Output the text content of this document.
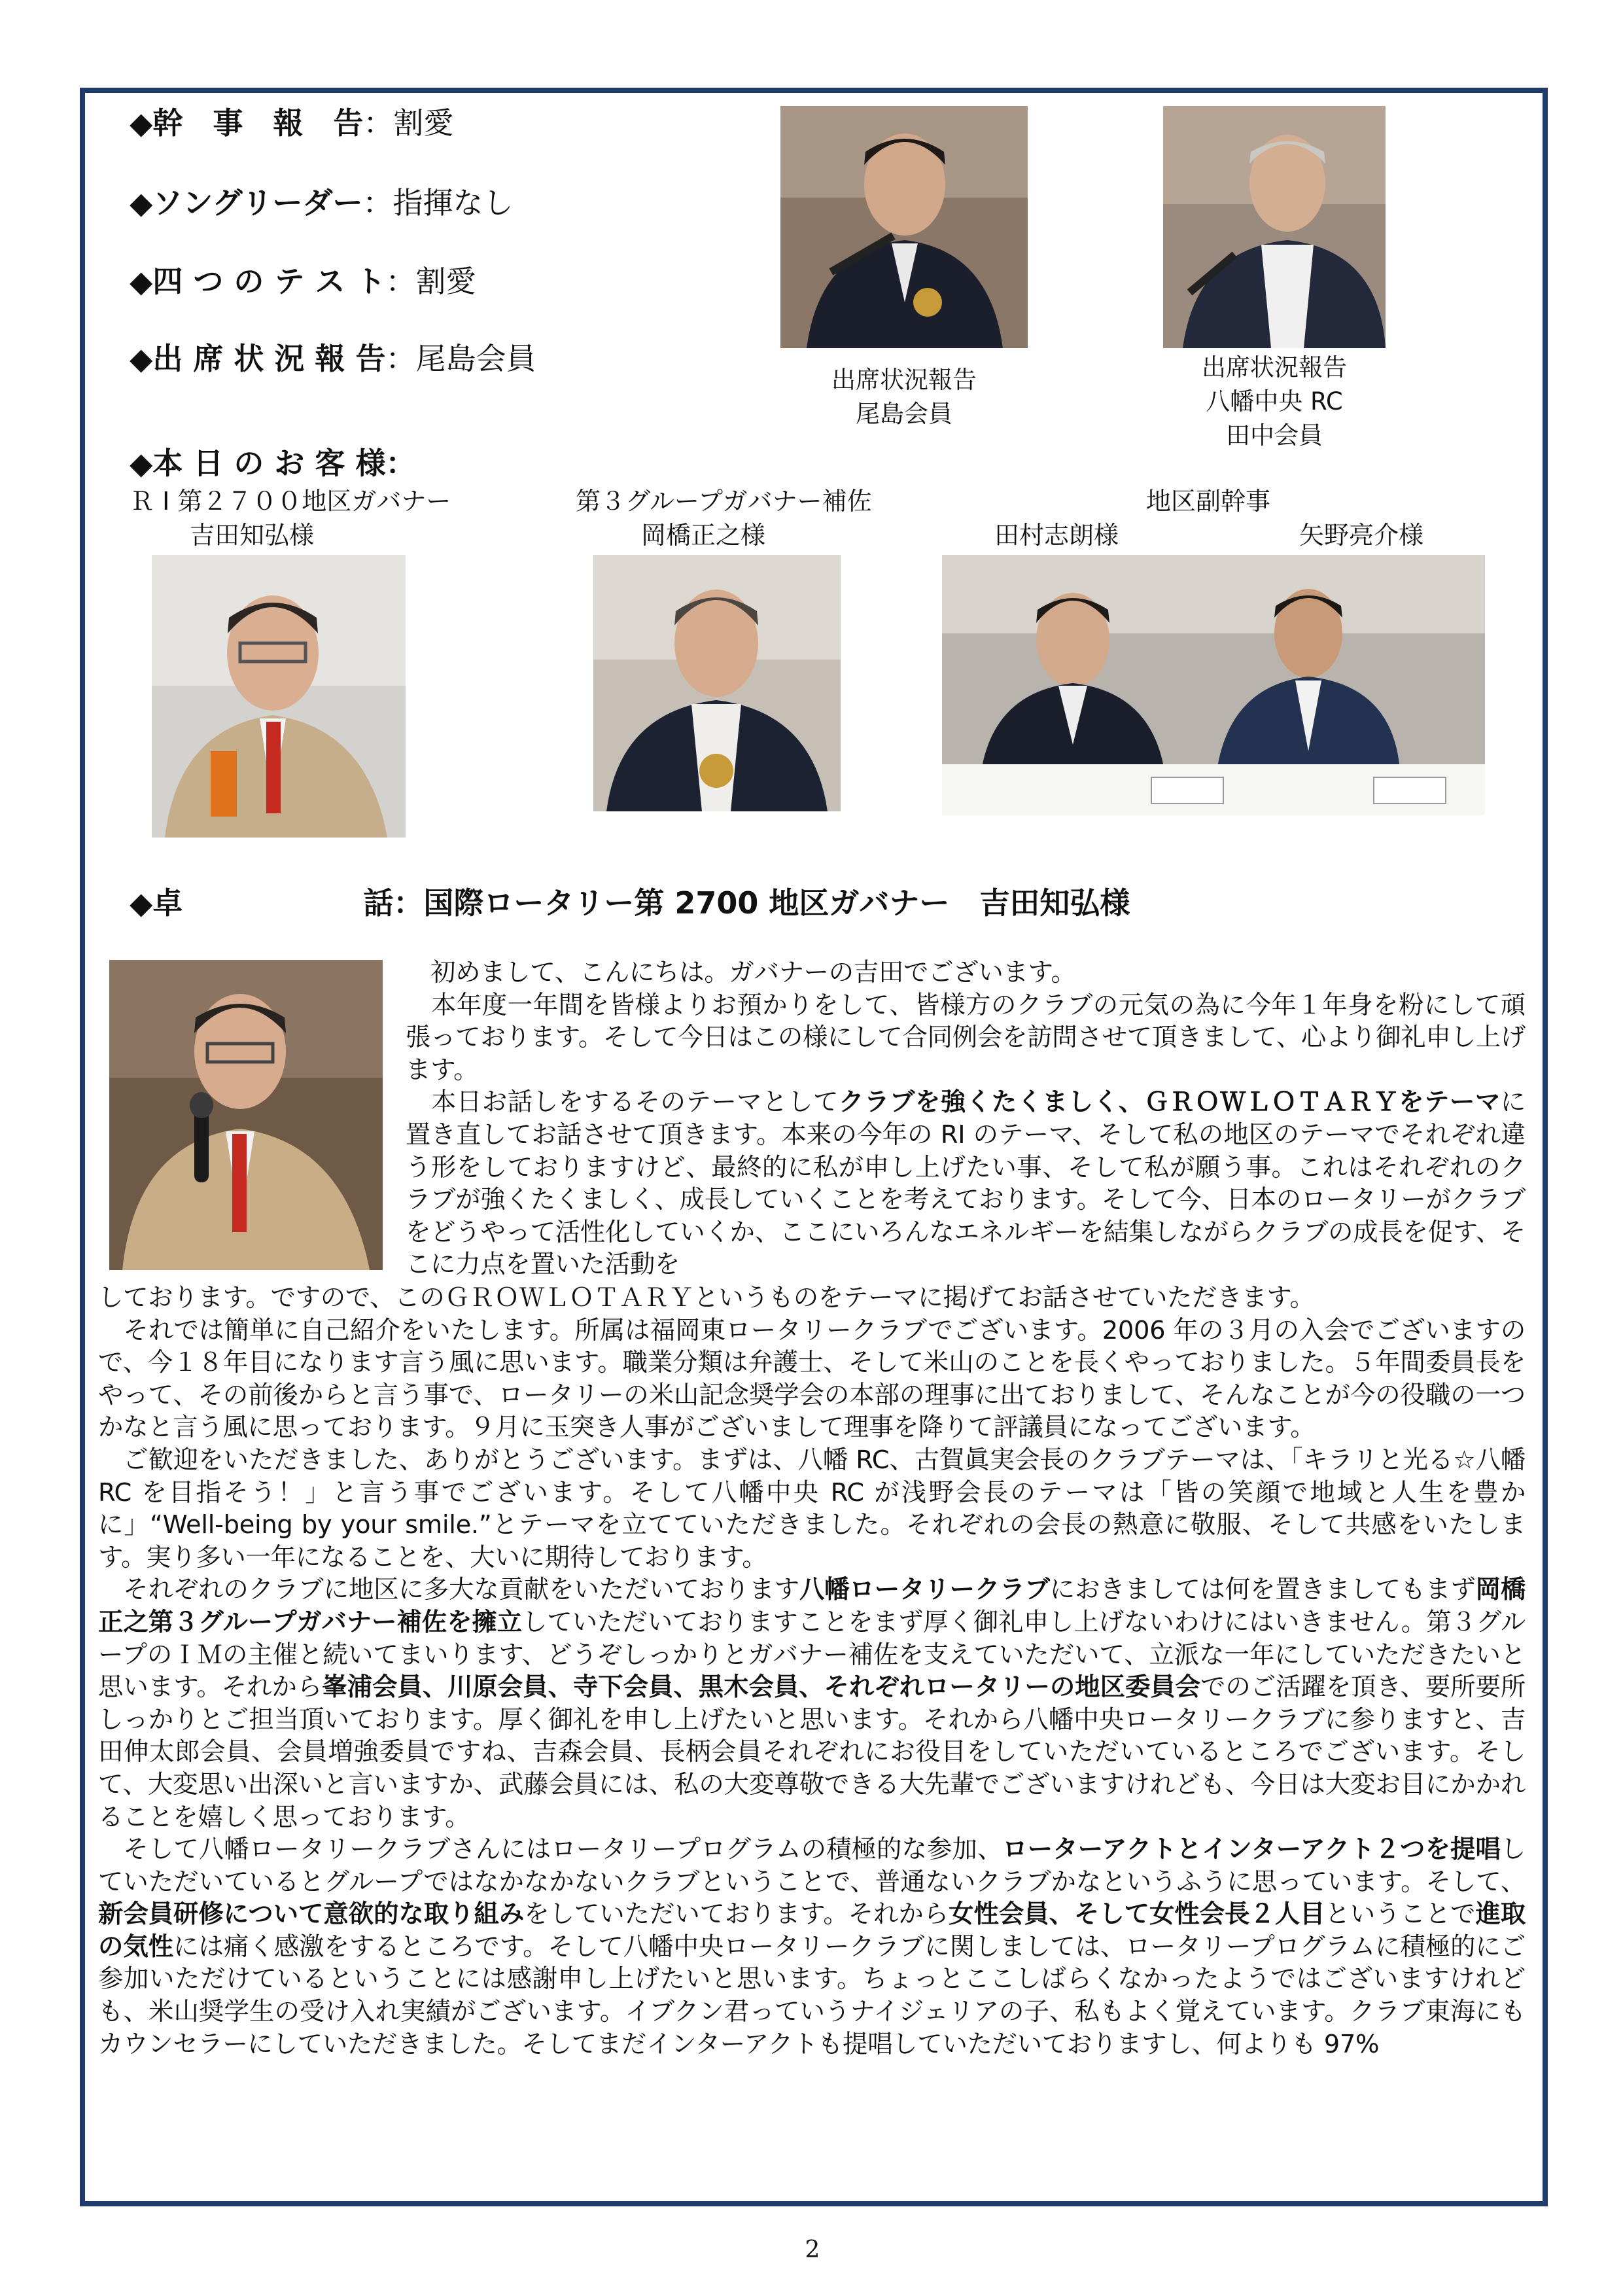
◆幹　事　報　告：割愛
◆ソングリーダー：指揮なし
◆四 つ の テ ス ト：割愛
◆出 席 状 況 報 告：尾島会員
出席状況報告
尾島会員
出席状況報告
八幡中央 RC
田中会員
◆本 日 の お 客 様：
Ｒ I 第２７００地区ガバナー
吉田知弘様
第３グループガバナー補佐
岡橋正之様
地区副幹事
田村志朗様	矢野亮介様
◆卓　　　　　　話：国際ロータリー第 2700 地区ガバナー　吉田知弘様

　初めまして、こんにちは。ガバナーの吉田でございます。

　本年度一年間を皆様よりお預かりをして、皆様方のクラブの元気の為に今年１年身を粉にして頑張っております。そして今日はこの様にして合同例会を訪問させて頂きまして、心より御礼申し上げます。

　本日お話しをするそのテーマとしてクラブを強くたくましく、ＧＲＯＷＬＯＴＡＲＹをテーマに置き直してお話させて頂きます。本来の今年の RI のテーマ、そして私の地区のテーマでそれぞれ違う形をしておりますけど、最終的に私が申し上げたい事、そして私が願う事。これはそれぞれのクラブが強くたくましく、成長していくことを考えております。そして今、日本のロータリーがクラブをどうやって活性化していくか、ここにいろんなエネルギーを結集しながらクラブの成長を促す、そこに力点を置いた活動を

しております。ですので、このＧＲＯＷＬＯＴＡＲＹというものをテーマに掲げてお話させていただきます。

　それでは簡単に自己紹介をいたします。所属は福岡東ロータリークラブでございます。2006 年の３月の入会でございますので、今１８年目になります言う風に思います。職業分類は弁護士、そして米山のことを長くやっておりました。５年間委員長をやって、その前後からと言う事で、ロータリーの米山記念奨学会の本部の理事に出ておりまして、そんなことが今の役職の一つかなと言う風に思っております。９月に玉突き人事がございまして理事を降りて評議員になってございます。

　ご歓迎をいただきました、ありがとうございます。まずは、八幡 RC、古賀眞実会長のクラブテーマは、「キラリと光る☆八幡 RC を目指そう！」と言う事でございます。そして八幡中央 RC が浅野会長のテーマは「皆の笑顔で地域と人生を豊かに」“Well-being by your smile.”とテーマを立てていただきました。それぞれの会長の熱意に敬服、そして共感をいたします。実り多い一年になることを、大いに期待しております。

　それぞれのクラブに地区に多大な貢献をいただいております八幡ロータリークラブにおきましては何を置きましてもまず岡橋正之第３グループガバナー補佐を擁立していただいておりますことをまず厚く御礼申し上げないわけにはいきません。第３グループのＩＭの主催と続いてまいります、どうぞしっかりとガバナー補佐を支えていただいて、立派な一年にしていただきたいと思います。それから峯浦会員、川原会員、寺下会員、黒木会員、それぞれロータリーの地区委員会でのご活躍を頂き、要所要所しっかりとご担当頂いております。厚く御礼を申し上げたいと思います。それから八幡中央ロータリークラブに参りますと、吉田伸太郎会員、会員増強委員ですね、吉森会員、長柄会員それぞれにお役目をしていただいているところでございます。そして、大変思い出深いと言いますか、武藤会員には、私の大変尊敬できる大先輩でございますけれども、今日は大変お目にかかれることを嬉しく思っております。

　そして八幡ロータリークラブさんにはロータリープログラムの積極的な参加、ローターアクトとインターアクト２つを提唱していただいているとグループではなかなかないクラブということで、普通ないクラブかなというふうに思っています。そして、新会員研修について意欲的な取り組みをしていただいております。それから女性会員、そして女性会長２人目ということで進取の気性には痛く感激をするところです。そして八幡中央ロータリークラブに関しましては、ロータリープログラムに積極的にご参加いただけているということには感謝申し上げたいと思います。ちょっとここしばらくなかったようではございますけれども、米山奨学生の受け入れ実績がございます。イブクン君っていうナイジェリアの子、私もよく覚えています。クラブ東海にもカウンセラーにしていただきました。そしてまだインターアクトも提唱していただいておりますし、何よりも 97%

2
